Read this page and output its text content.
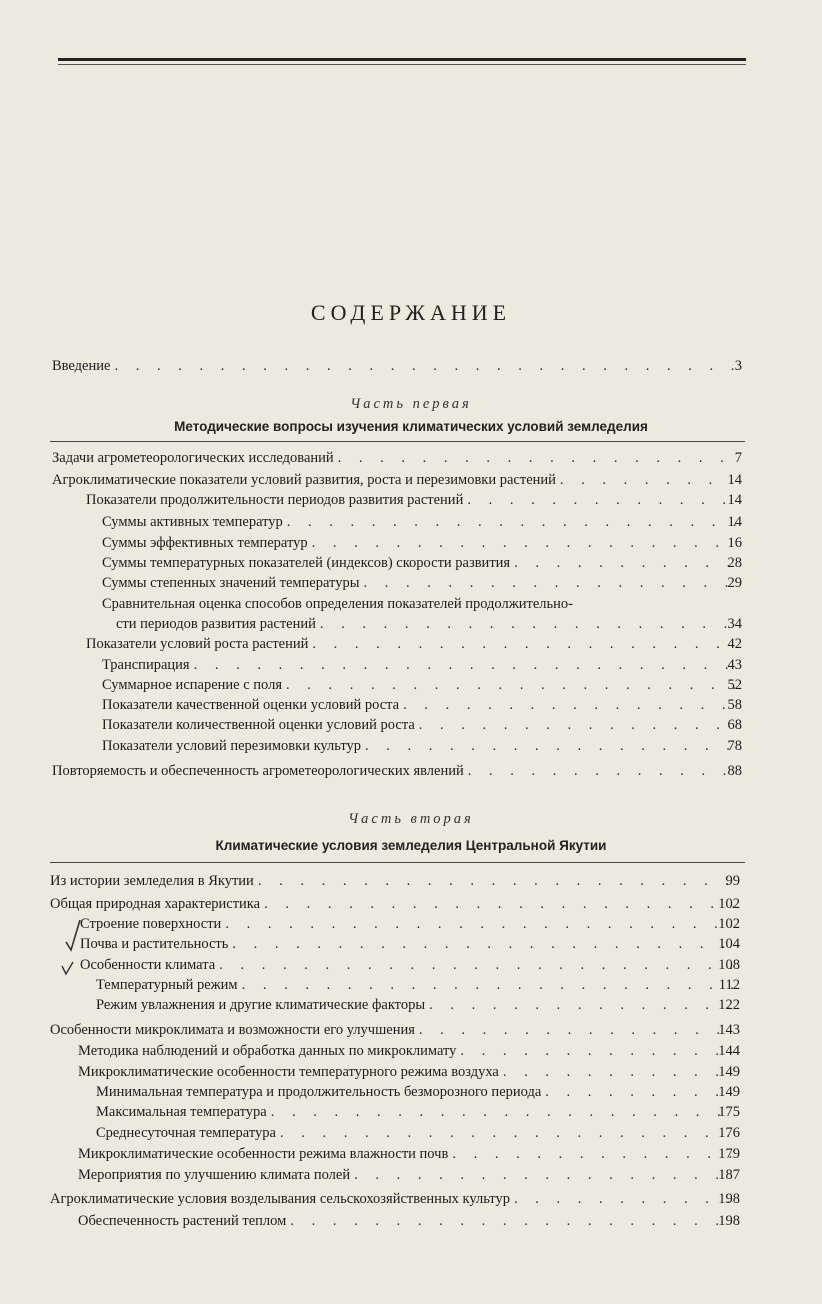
СОДЕРЖАНИЕ
Введение . . .	3
Часть первая
Методические вопросы изучения климатических условий земледелия
Задачи агрометеорологических исследований . . .	7
Агроклиматические показатели условий развития, роста и перезимовки растений . . .	14
Показатели продолжительности периодов развития растений . . .	14
Суммы активных температур . . .	14
Суммы эффективных температур . . .	16
Суммы температурных показателей (индексов) скорости развития . . .	28
Суммы степенных значений температуры . . .	29
Сравнительная оценка способов определения показателей продолжительно-
сти периодов развития растений . . .	34
Показатели условий роста растений . . .	42
Транспирация . . .	43
Суммарное испарение с поля . . .	52
Показатели качественной оценки условий роста . . .	58
Показатели количественной оценки условий роста . . .	68
Показатели условий перезимовки культур . . .	78
Повторяемость и обеспеченность агрометеорологических явлений . . .	88
Часть вторая
Климатические условия земледелия Центральной Якутии
Из истории земледелия в Якутии . . .	99
Общая природная характеристика . . .	102
Строение поверхности . . .	102
Почва и растительность . . .	104
Особенности климата . . .	108
Температурный режим . . .	112
Режим увлажнения и другие климатические факторы . . .	122
Особенности микроклимата и возможности его улучшения . . .	143
Методика наблюдений и обработка данных по микроклимату . . .	144
Микроклиматические особенности температурного режима воздуха . . .	149
Минимальная температура и продолжительность безморозного периода . . .	149
Максимальная температура . . .	175
Среднесуточная температура . . .	176
Микроклиматические особенности режима влажности почв . . .	179
Мероприятия по улучшению климата полей . . .	187
Агроклиматические условия возделывания сельскохозяйственных культур . . .	198
Обеспеченность растений теплом . . .	198
